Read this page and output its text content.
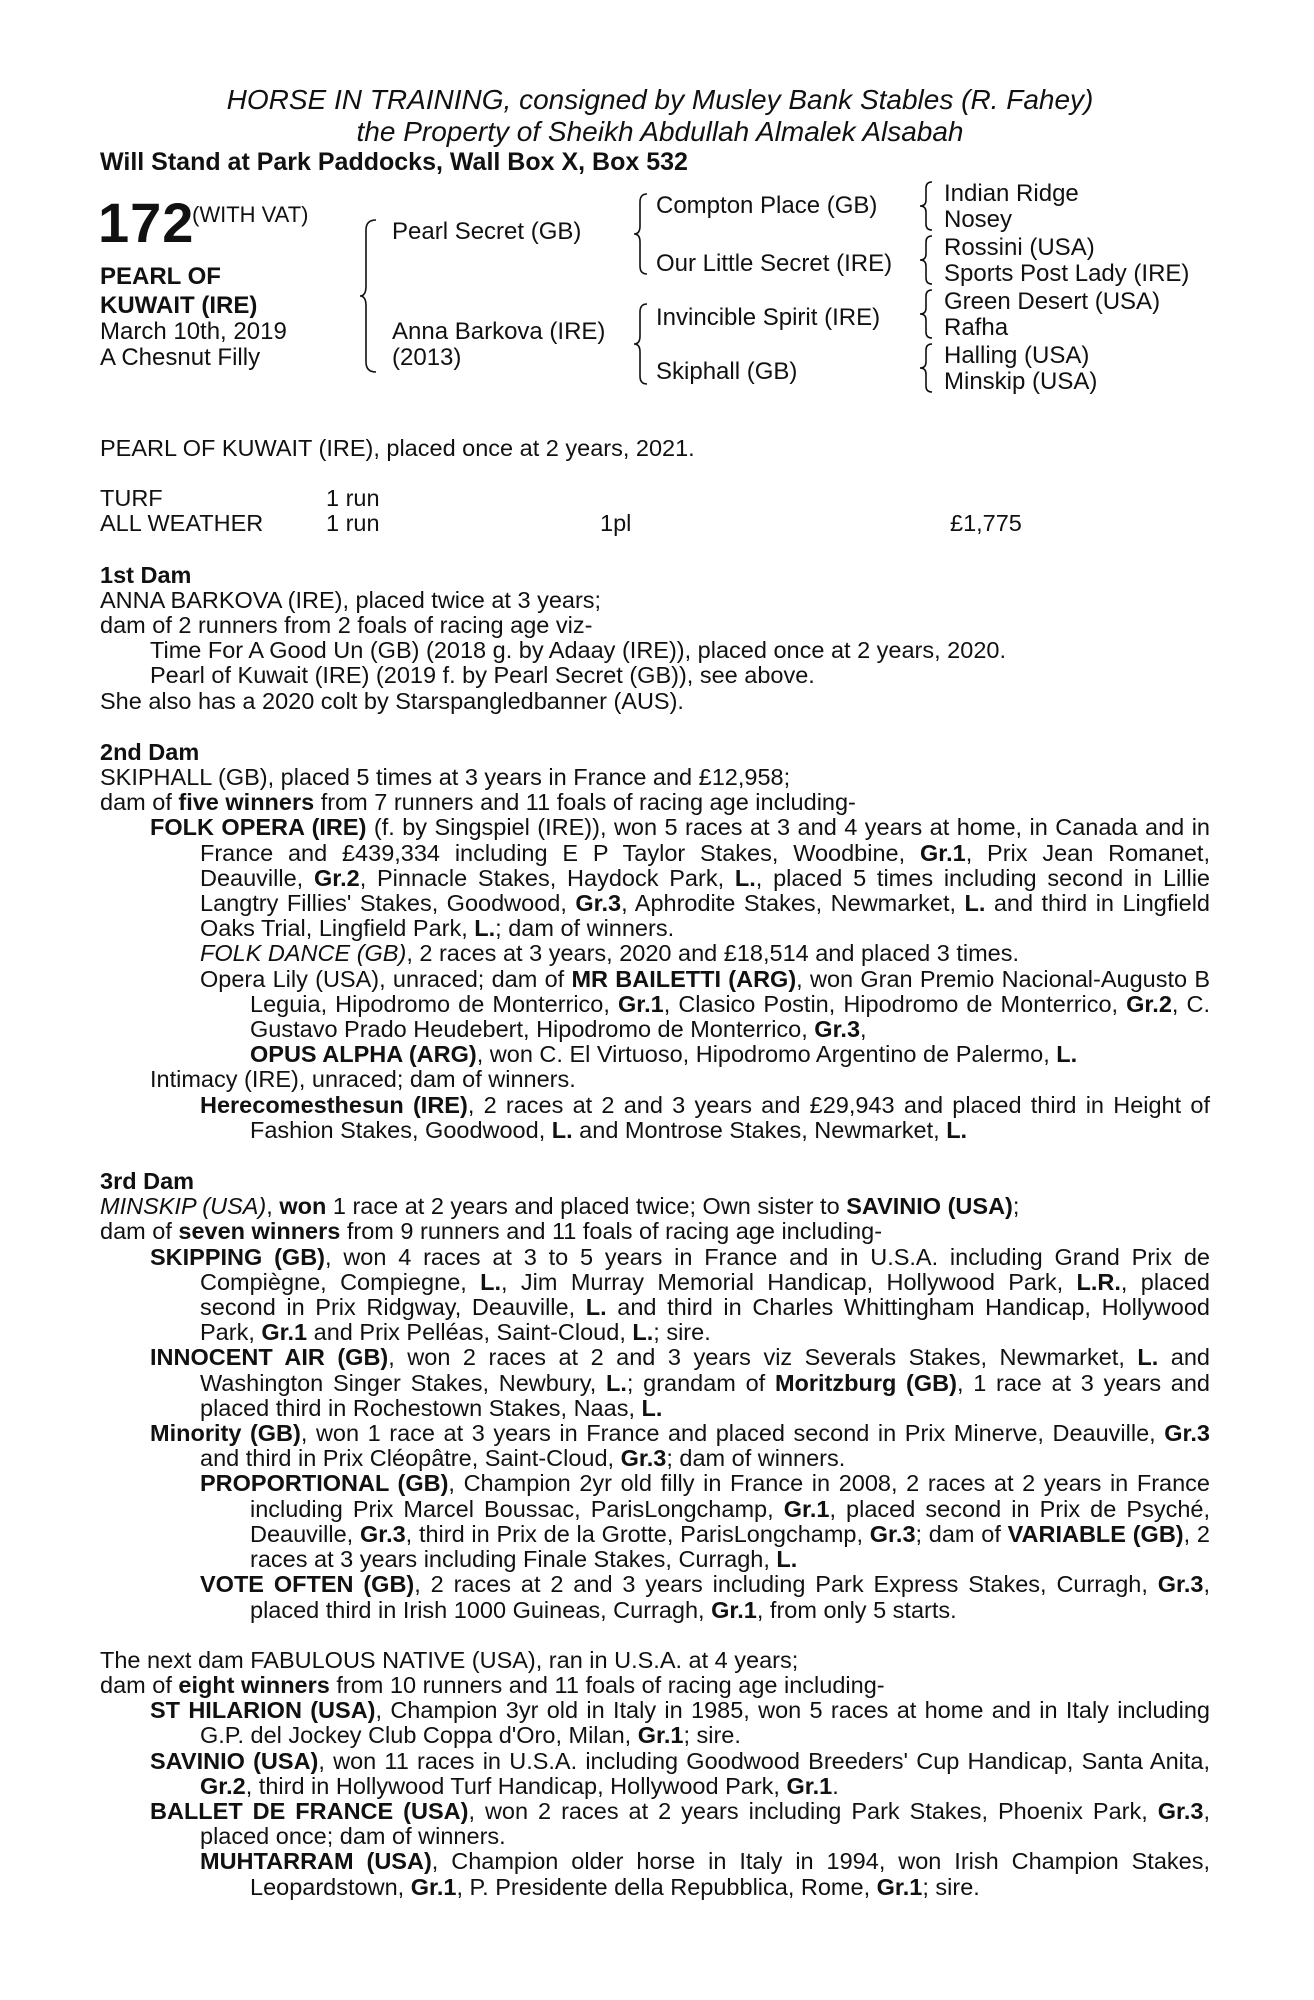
HORSE IN TRAINING, consigned by Musley Bank Stables (R. Fahey)
the Property of Sheikh Abdullah Almalek Alsabah
Will Stand at Park Paddocks, Wall Box X, Box 532
172
(WITH VAT)
PEARL OF
KUWAIT (IRE)
March 10th, 2019
A Chesnut Filly
Pearl Secret (GB)
Anna Barkova (IRE)
(2013)
Compton Place (GB)
Our Little Secret (IRE)
Invincible Spirit (IRE)
Skiphall (GB)
Indian Ridge
Nosey
Rossini (USA)
Sports Post Lady (IRE)
Green Desert (USA)
Rafha
Halling (USA)
Minskip (USA)

PEARL OF KUWAIT (IRE), placed once at 2 years, 2021.

TURF	1 run
ALL WEATHER	1 run	1pl	£1,775

1st Dam

ANNA BARKOVA (IRE), placed twice at 3 years;

dam of 2 runners from 2 foals of racing age viz-

Time For A Good Un (GB) (2018 g. by Adaay (IRE)), placed once at 2 years, 2020.

Pearl of Kuwait (IRE) (2019 f. by Pearl Secret (GB)), see above.

She also has a 2020 colt by Starspangledbanner (AUS).

2nd Dam

SKIPHALL (GB), placed 5 times at 3 years in France and £12,958;

dam of five winners from 7 runners and 11 foals of racing age including-

FOLK OPERA (IRE) (f. by Singspiel (IRE)), won 5 races at 3 and 4 years at home, in Canada and in France and £439,334 including E P Taylor Stakes, Woodbine, Gr.1, Prix Jean Romanet, Deauville, Gr.2, Pinnacle Stakes, Haydock Park, L., placed 5 times including second in Lillie Langtry Fillies' Stakes, Goodwood, Gr.3, Aphrodite Stakes, Newmarket, L. and third in Lingfield Oaks Trial, Lingfield Park, L.; dam of winners.

FOLK DANCE (GB), 2 races at 3 years, 2020 and £18,514 and placed 3 times.

Opera Lily (USA), unraced; dam of MR BAILETTI (ARG), won Gran Premio Nacional-Augusto B Leguia, Hipodromo de Monterrico, Gr.1, Clasico Postin, Hipodromo de Monterrico, Gr.2, C. Gustavo Prado Heudebert, Hipodromo de Monterrico, Gr.3,
OPUS ALPHA (ARG), won C. El Virtuoso, Hipodromo Argentino de Palermo, L.

Intimacy (IRE), unraced; dam of winners.

Herecomesthesun (IRE), 2 races at 2 and 3 years and £29,943 and placed third in Height of Fashion Stakes, Goodwood, L. and Montrose Stakes, Newmarket, L.

3rd Dam

MINSKIP (USA), won 1 race at 2 years and placed twice; Own sister to SAVINIO (USA);

dam of seven winners from 9 runners and 11 foals of racing age including-

SKIPPING (GB), won 4 races at 3 to 5 years in France and in U.S.A. including Grand Prix de Compiègne, Compiegne, L., Jim Murray Memorial Handicap, Hollywood Park, L.R., placed second in Prix Ridgway, Deauville, L. and third in Charles Whittingham Handicap, Hollywood Park, Gr.1 and Prix Pelléas, Saint-Cloud, L.; sire.

INNOCENT AIR (GB), won 2 races at 2 and 3 years viz Severals Stakes, Newmarket, L. and Washington Singer Stakes, Newbury, L.; grandam of Moritzburg (GB), 1 race at 3 years and placed third in Rochestown Stakes, Naas, L.

Minority (GB), won 1 race at 3 years in France and placed second in Prix Minerve, Deauville, Gr.3 and third in Prix Cléopâtre, Saint-Cloud, Gr.3; dam of winners.

PROPORTIONAL (GB), Champion 2yr old filly in France in 2008, 2 races at 2 years in France including Prix Marcel Boussac, ParisLongchamp, Gr.1, placed second in Prix de Psyché, Deauville, Gr.3, third in Prix de la Grotte, ParisLongchamp, Gr.3; dam of VARIABLE (GB), 2 races at 3 years including Finale Stakes, Curragh, L.

VOTE OFTEN (GB), 2 races at 2 and 3 years including Park Express Stakes, Curragh, Gr.3, placed third in Irish 1000 Guineas, Curragh, Gr.1, from only 5 starts.

The next dam FABULOUS NATIVE (USA), ran in U.S.A. at 4 years;

dam of eight winners from 10 runners and 11 foals of racing age including-

ST HILARION (USA), Champion 3yr old in Italy in 1985, won 5 races at home and in Italy including G.P. del Jockey Club Coppa d'Oro, Milan, Gr.1; sire.

SAVINIO (USA), won 11 races in U.S.A. including Goodwood Breeders' Cup Handicap, Santa Anita, Gr.2, third in Hollywood Turf Handicap, Hollywood Park, Gr.1.

BALLET DE FRANCE (USA), won 2 races at 2 years including Park Stakes, Phoenix Park, Gr.3, placed once; dam of winners.

MUHTARRAM (USA), Champion older horse in Italy in 1994, won Irish Champion Stakes, Leopardstown, Gr.1, P. Presidente della Repubblica, Rome, Gr.1; sire.
